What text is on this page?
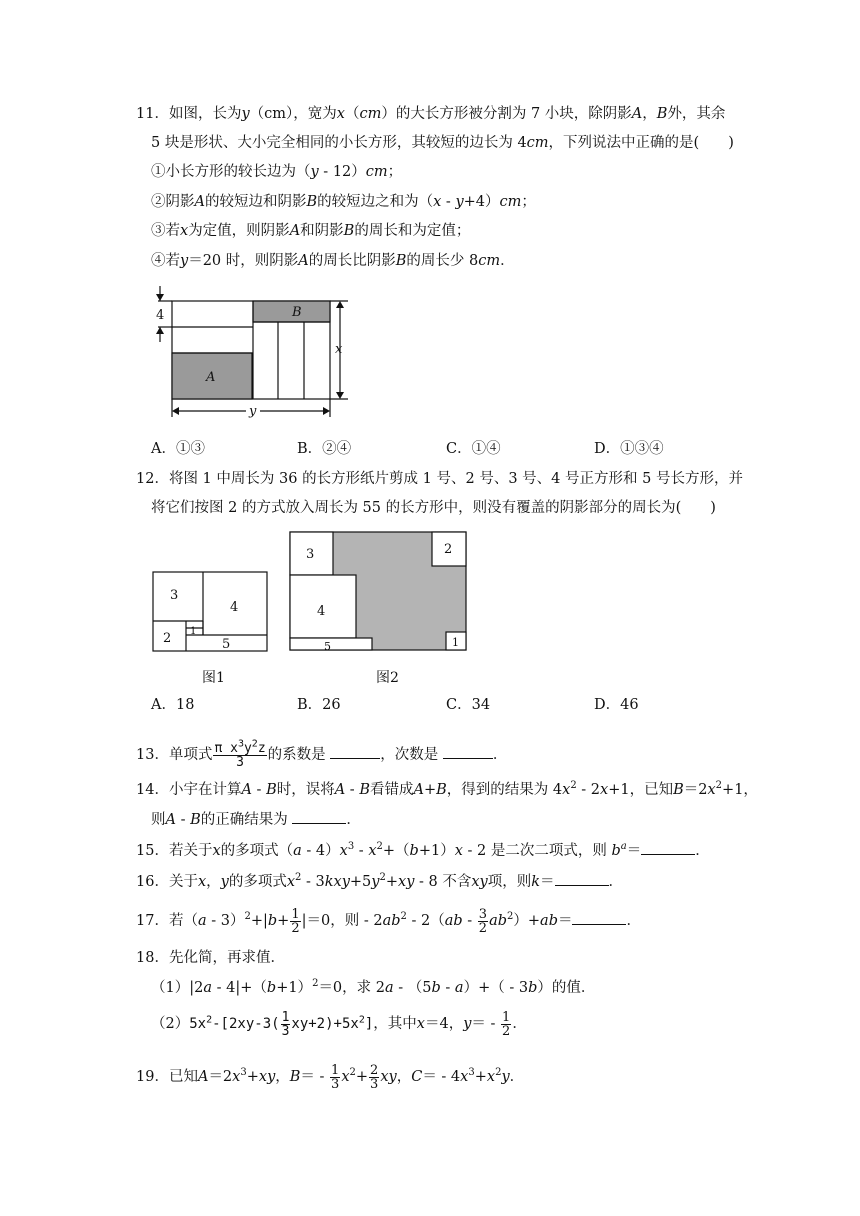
11．如图，长为y（cm），宽为x（cm）的大长方形被分割为 7 小块，除阴影A，B外，其余
5 块是形状、大小完全相同的小长方形，其较短的边长为 4cm，下列说法中正确的是(　　)
①小长方形的较长边为（y - 12）cm；
②阴影A的较短边和阴影B的较短边之和为（x - y+4）cm；
③若x为定值，则阴影A和阴影B的周长和为定值；
④若y＝20 时，则阴影A的周长比阴影B的周长少 8cm．
4	B
A
x
y
A．①③	B．②④	C．①④	D．①③④
12．将图 1 中周长为 36 的长方形纸片剪成 1 号、2 号、3 号、4 号正方形和 5 号长方形，并
将它们按图 2 的方式放入周长为 55 的长方形中，则没有覆盖的阴影部分的周长为(　　)
3
4
2 1
5
图1
3	2
4
5	1
图2
A．18	B．26	C．34	D．46
13．单项式 $\frac{\pi x^3y^2z}{3}$ 的系数是	，次数是	．
14．小宇在计算A - B时，误将A - B看错成A+B，得到的结果为 $4x^2 - 2x+1$，已知$B=2x^2+1$，
则A - B的正确结果为	．
15．若关于x的多项式$(a - 4)x^3 - x^2+(b+1)x - 2$ 是二次二项式，则 $b^a=$	．
16．关于x，y的多项式$x^2 - 3kxy+5y^2+xy - 8$ 不含xy项，则k＝	．
17．若$(a - 3)^2+|b+ \frac{1}{2} |=0$，则 - $2ab^2 - 2(ab - \frac{3}{2} ab^2)+ab=$	．
18．先化简，再求值．
$(1)|2a - 4|+(b+1)^2=0$，求 2a - （5b - a）+（ - 3b）的值．
$(2)5x^2-[2xy-3( \frac{1}{3} xy+2)+5x^2]$，其中x＝4，$y= - \frac{1}{2}$ ．
19．已知$A=2x^3+xy$，$B= - \frac{1}{3} x^2+ \frac{2}{3}$ xy，$C= - 4x^3+x^2y$．
